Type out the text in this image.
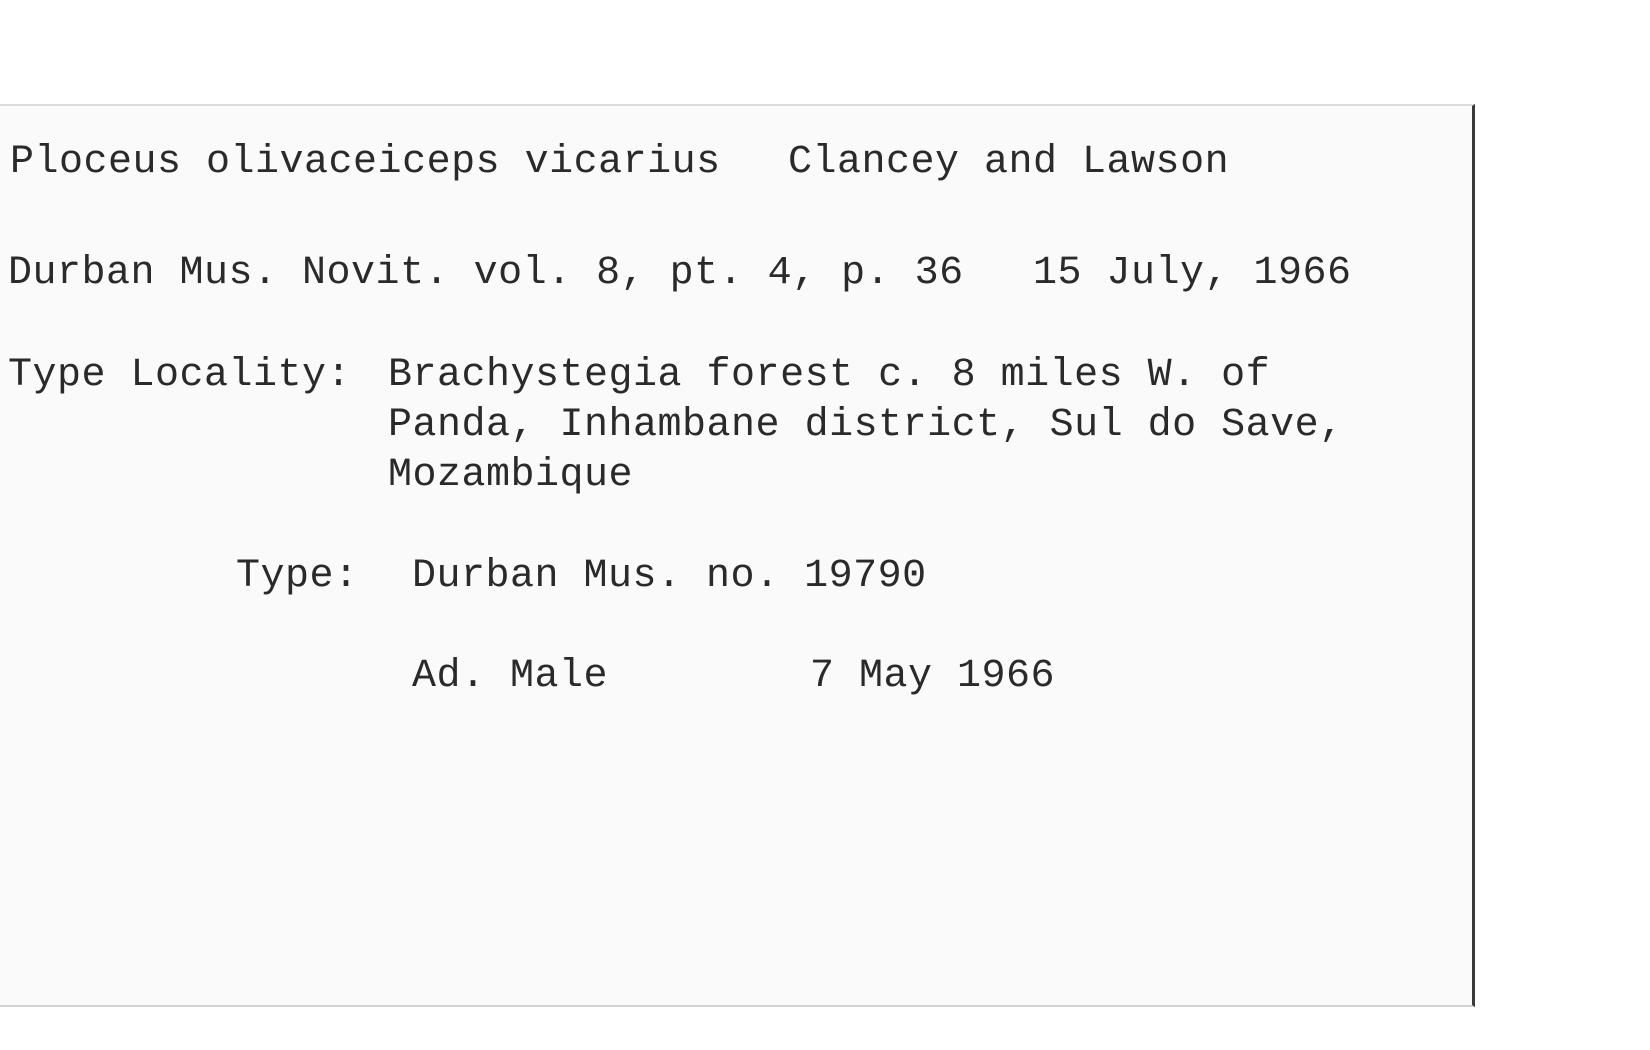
Ploceus olivaceiceps vicarius Clancey and Lawson
Durban Mus. Novit. vol. 8, pt. 4, p. 36 15 July, 1966
Type Locality: Brachystegia forest c. 8 miles W. of
Panda, Inhambane district, Sul do Save,
Mozambique
Type: Durban Mus. no. 19790
Ad. Male	7 May 1966
